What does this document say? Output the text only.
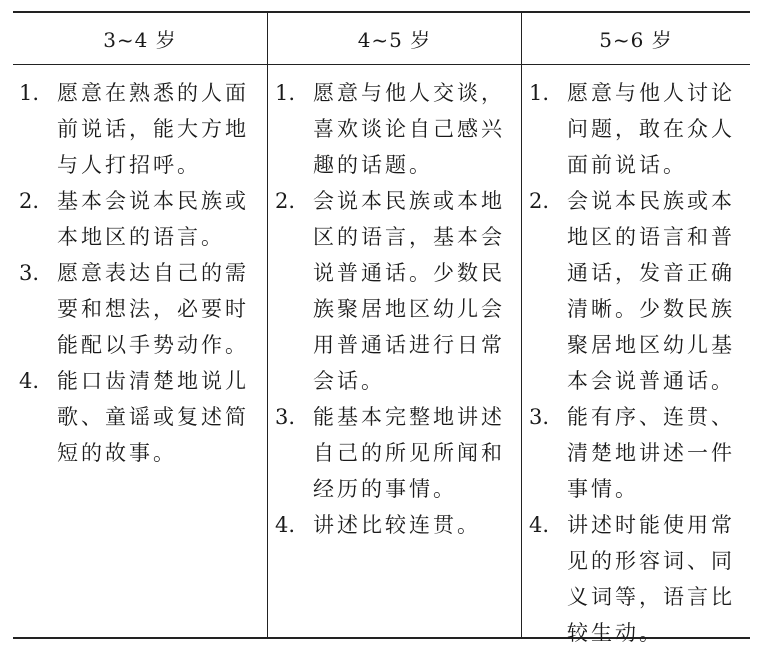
3~4 岁	4~5 岁	5~6 岁
1. 愿意在熟悉的人面
前说话，能大方地
与人打招呼。
2. 基本会说本民族或
本地区的语言。
3. 愿意表达自己的需
要和想法，必要时
能配以手势动作。
4. 能口齿清楚地说儿
歌、童谣或复述简
短的故事。
1. 愿意与他人交谈，
喜欢谈论自己感兴
趣的话题。
2. 会说本民族或本地
区的语言，基本会
说普通话。少数民
族聚居地区幼儿会
用普通话进行日常
会话。
3. 能基本完整地讲述
自己的所见所闻和
经历的事情。
4. 讲述比较连贯。
1. 愿意与他人讨论
问题，敢在众人
面前说话。
2. 会说本民族或本
地区的语言和普
通话，发音正确
清晰。少数民族
聚居地区幼儿基
本会说普通话。
3. 能有序、连贯、
清楚地讲述一件
事情。
4. 讲述时能使用常
见的形容词、同
义词等，语言比
较生动。
